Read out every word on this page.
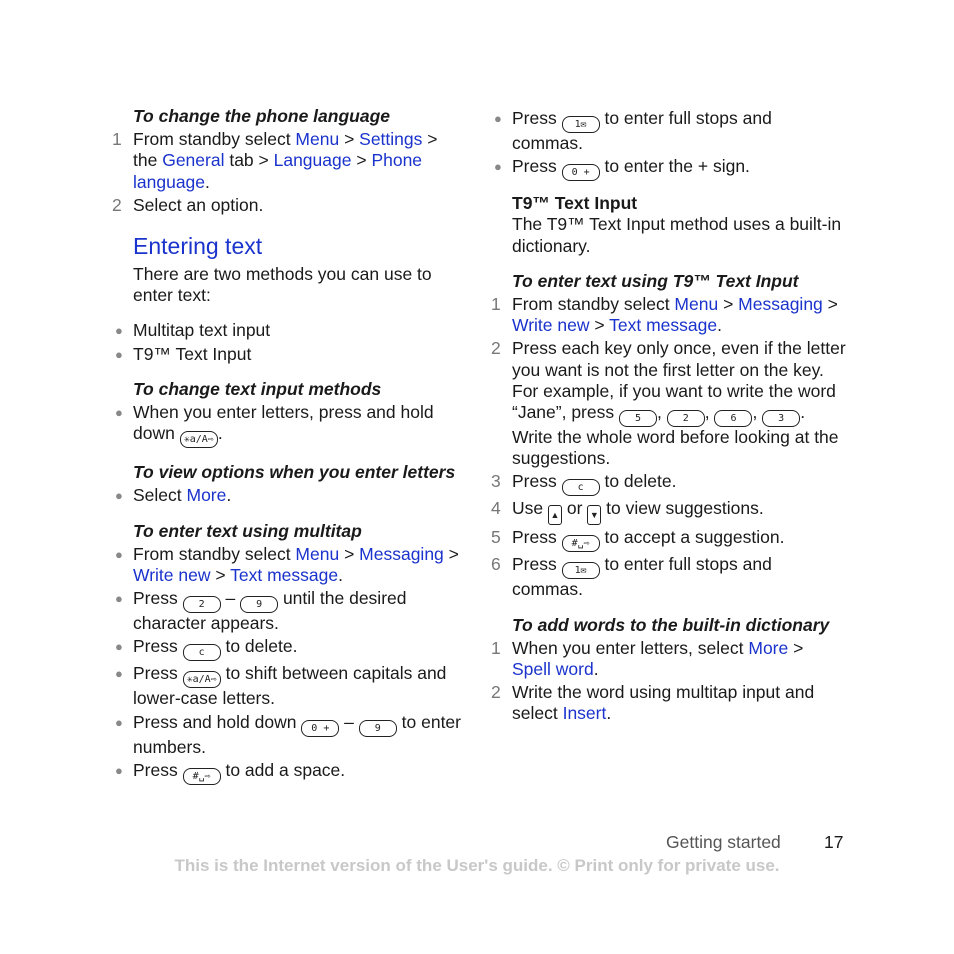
To change the phone language

1 From standby select Menu > Settings > the General tab > Language > Phone language.
2 Select an option.
Entering text
There are two methods you can use to enter text:
● Multitap text input
● T9™ Text Input

To change text input methods

● When you enter letters, press and hold down ✳a/A⇨ .

To view options when you enter letters

● Select More.

To enter text using multitap

● From standby select Menu > Messaging > Write new > Text message.
● Press 2 – 9 until the desired character appears.
● Press c to delete.
● Press ✳a/A⇨ to shift between capitals and lower-case letters.
● Press and hold down 0 + – 9 to enter numbers.
● Press #␣⇨ to add a space.
● Press 1✉ to enter full stops and commas.
● Press 0 + to enter the + sign.
T9™ Text Input
The T9™ Text Input method uses a built-in dictionary.

To enter text using T9™ Text Input

1 From standby select Menu > Messaging > Write new > Text message.
2 Press each key only once, even if the letter you want is not the first letter on the key. For example, if you want to write the word “Jane”, press 5 , 2 , 6 , 3 . Write the whole word before looking at the suggestions.
3 Press c to delete.
4 Use ▲ or ▼ to view suggestions.
5 Press #␣⇨ to accept a suggestion.
6 Press 1✉ to enter full stops and commas.

To add words to the built-in dictionary

1 When you enter letters, select More > Spell word.
2 Write the word using multitap input and select Insert.
Getting started 17
This is the Internet version of the User's guide. © Print only for private use.
